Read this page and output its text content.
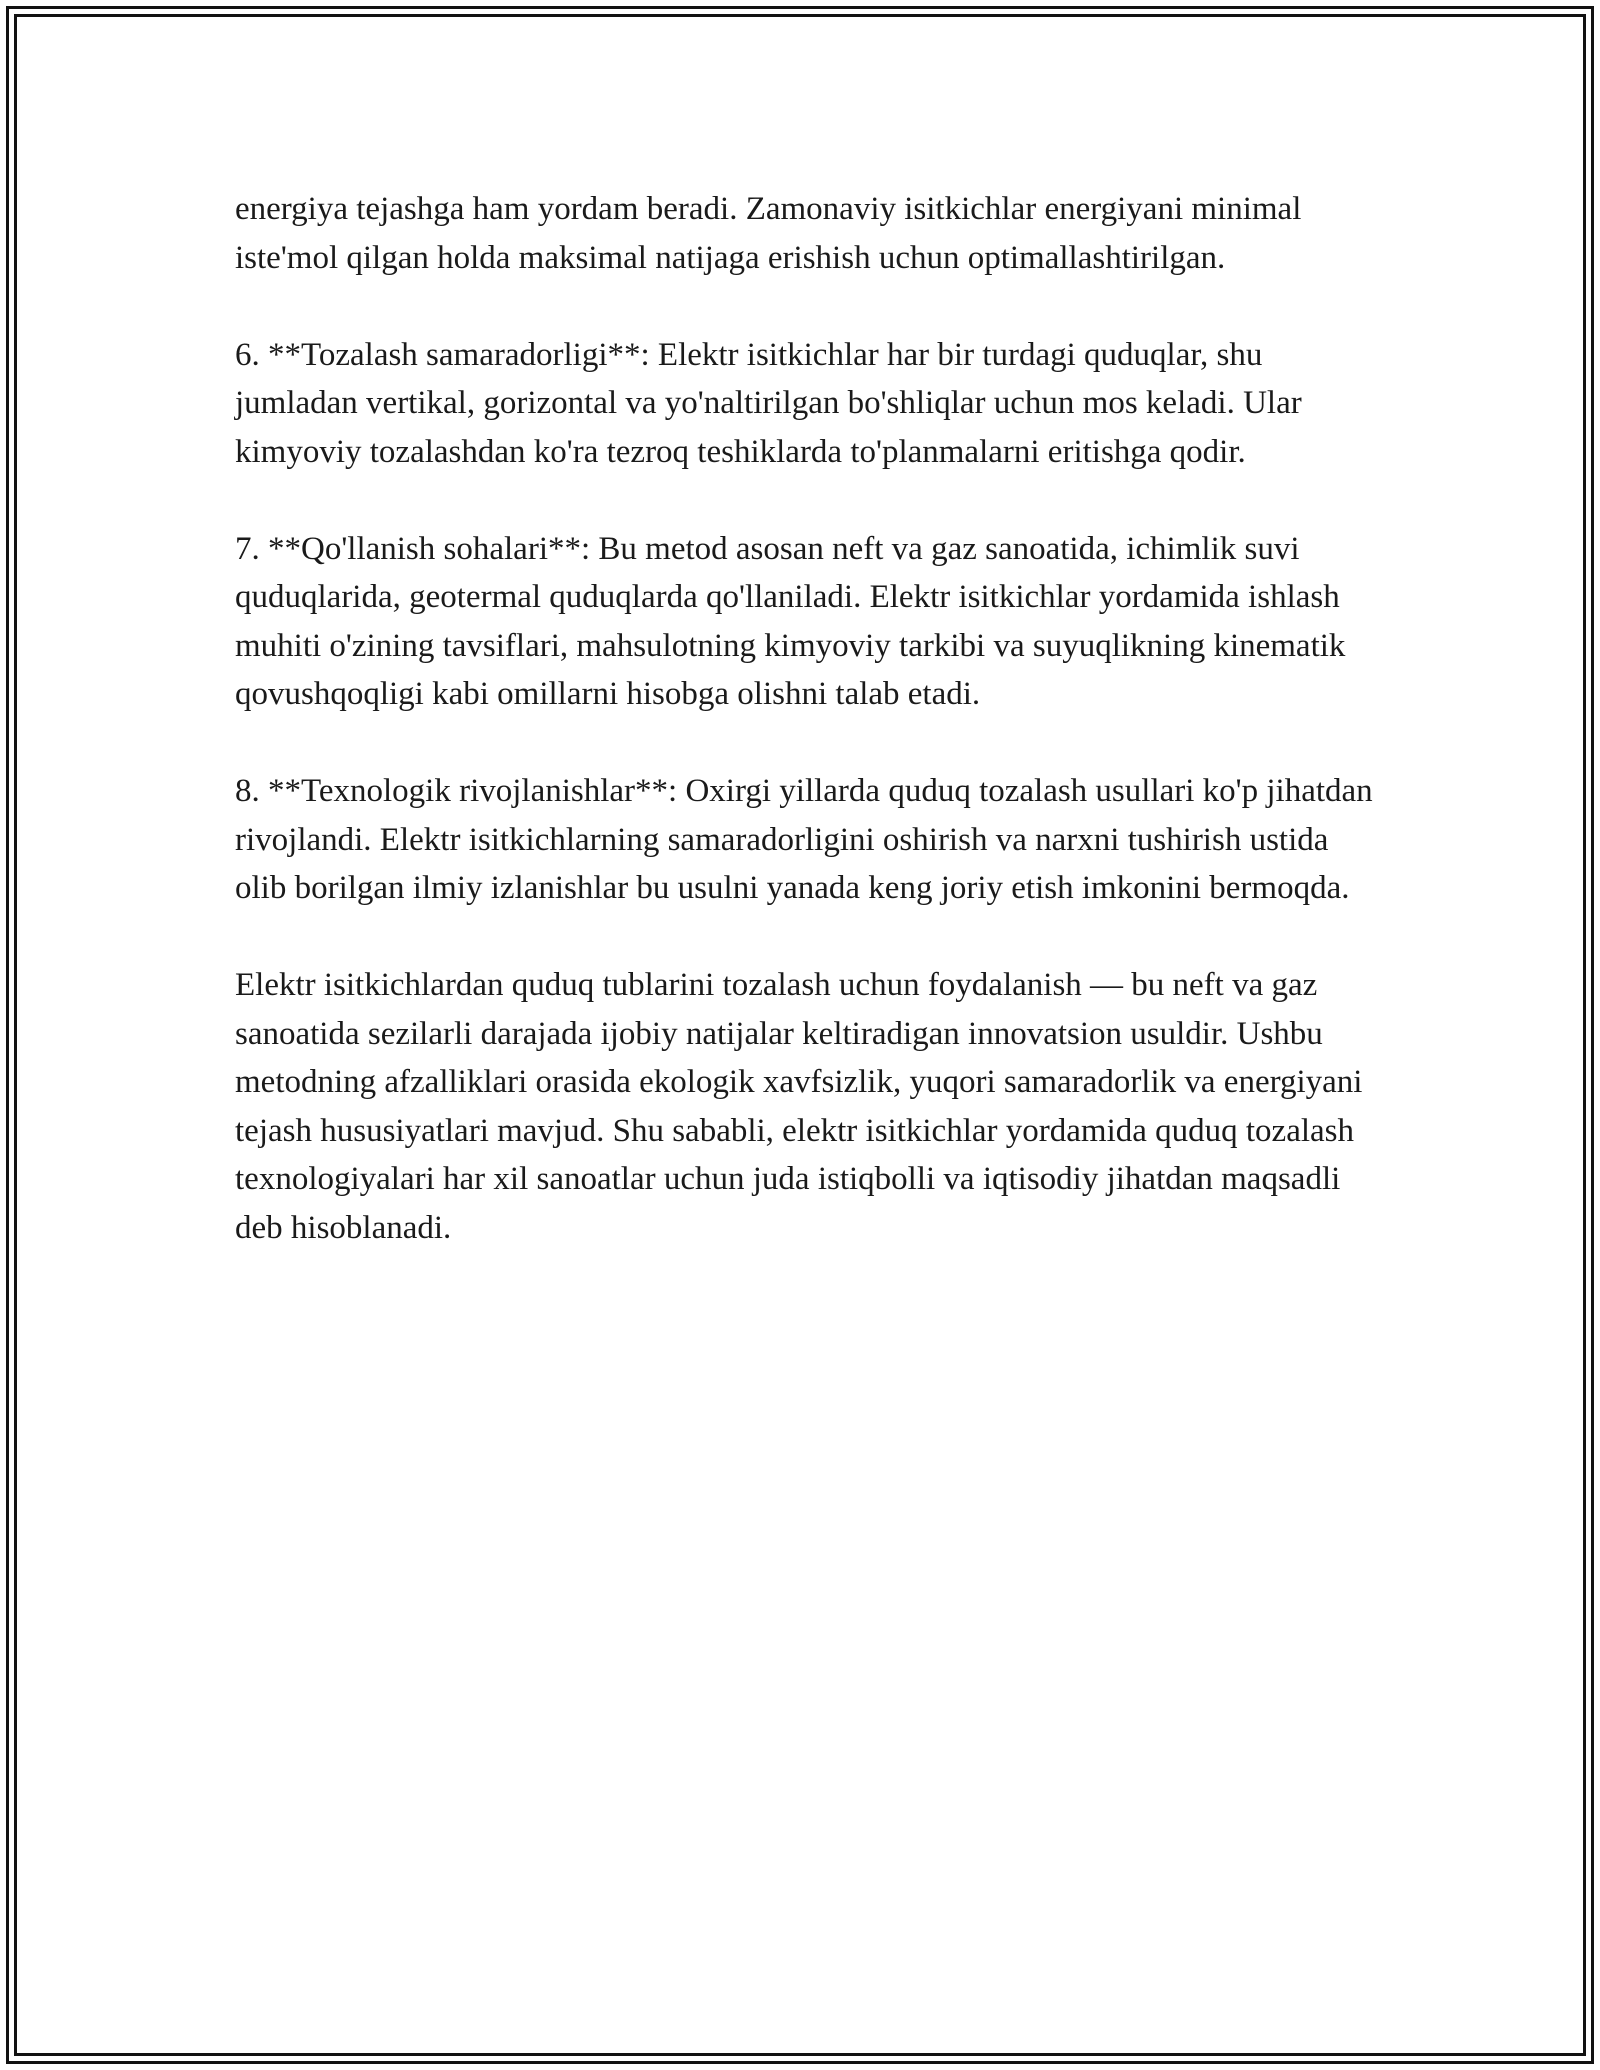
energiya tejashga ham yordam beradi. Zamonaviy isitkichlar energiyani minimal iste'mol qilgan holda maksimal natijaga erishish uchun optimallashtirilgan.

6. **Tozalash samaradorligi**: Elektr isitkichlar har bir turdagi quduqlar, shu jumladan vertikal, gorizontal va yo'naltirilgan bo'shliqlar uchun mos keladi. Ular kimyoviy tozalashdan ko'ra tezroq teshiklarda to'planmalarni eritishga qodir.

7. **Qo'llanish sohalari**: Bu metod asosan neft va gaz sanoatida, ichimlik suvi quduqlarida, geotermal quduqlarda qo'llaniladi. Elektr isitkichlar yordamida ishlash muhiti o'zining tavsiflari, mahsulotning kimyoviy tarkibi va suyuqlikning kinematik qovushqoqligi kabi omillarni hisobga olishni talab etadi.

8. **Texnologik rivojlanishlar**: Oxirgi yillarda quduq tozalash usullari ko'p jihatdan rivojlandi. Elektr isitkichlarning samaradorligini oshirish va narxni tushirish ustida olib borilgan ilmiy izlanishlar bu usulni yanada keng joriy etish imkonini bermoqda.

Elektr isitkichlardan quduq tublarini tozalash uchun foydalanish — bu neft va gaz sanoatida sezilarli darajada ijobiy natijalar keltiradigan innovatsion usuldir. Ushbu metodning afzalliklari orasida ekologik xavfsizlik, yuqori samaradorlik va energiyani tejash hususiyatlari mavjud. Shu sababli, elektr isitkichlar yordamida quduq tozalash texnologiyalari har xil sanoatlar uchun juda istiqbolli va iqtisodiy jihatdan maqsadli deb hisoblanadi.
